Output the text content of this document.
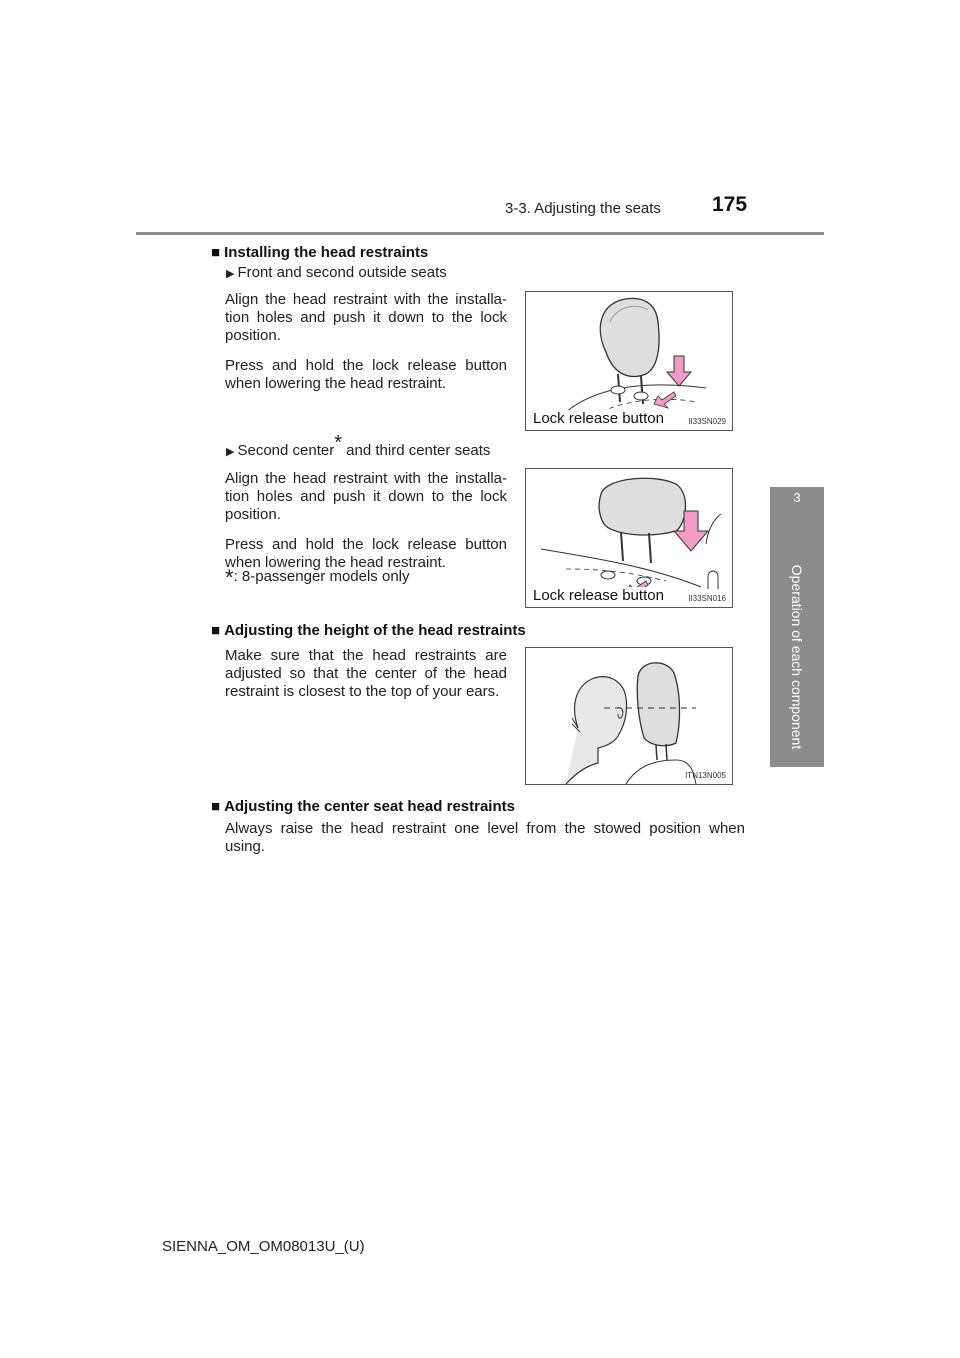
3-3. Adjusting the seats 175
3
Operation of each component
■ Installing the head restraints
▶ Front and second outside seats

Align the head restraint with the installa-tion holes and push it down to the lock position.

Press and hold the lock release button when lowering the head restraint.

Lock release button	II33SN029
▶ Second center* and third center seats

Align the head restraint with the installa-tion holes and push it down to the lock position.

Press and hold the lock release button when lowering the head restraint.

*: 8-passenger models only
Lock release button	II33SN016
■ Adjusting the height of the head restraints

Make sure that the head restraints are adjusted so that the center of the head restraint is closest to the top of your ears.

ITN13N005
■ Adjusting the center seat head restraints
Always raise the head restraint one level from the stowed position when using.
SIENNA_OM_OM08013U_(U)
